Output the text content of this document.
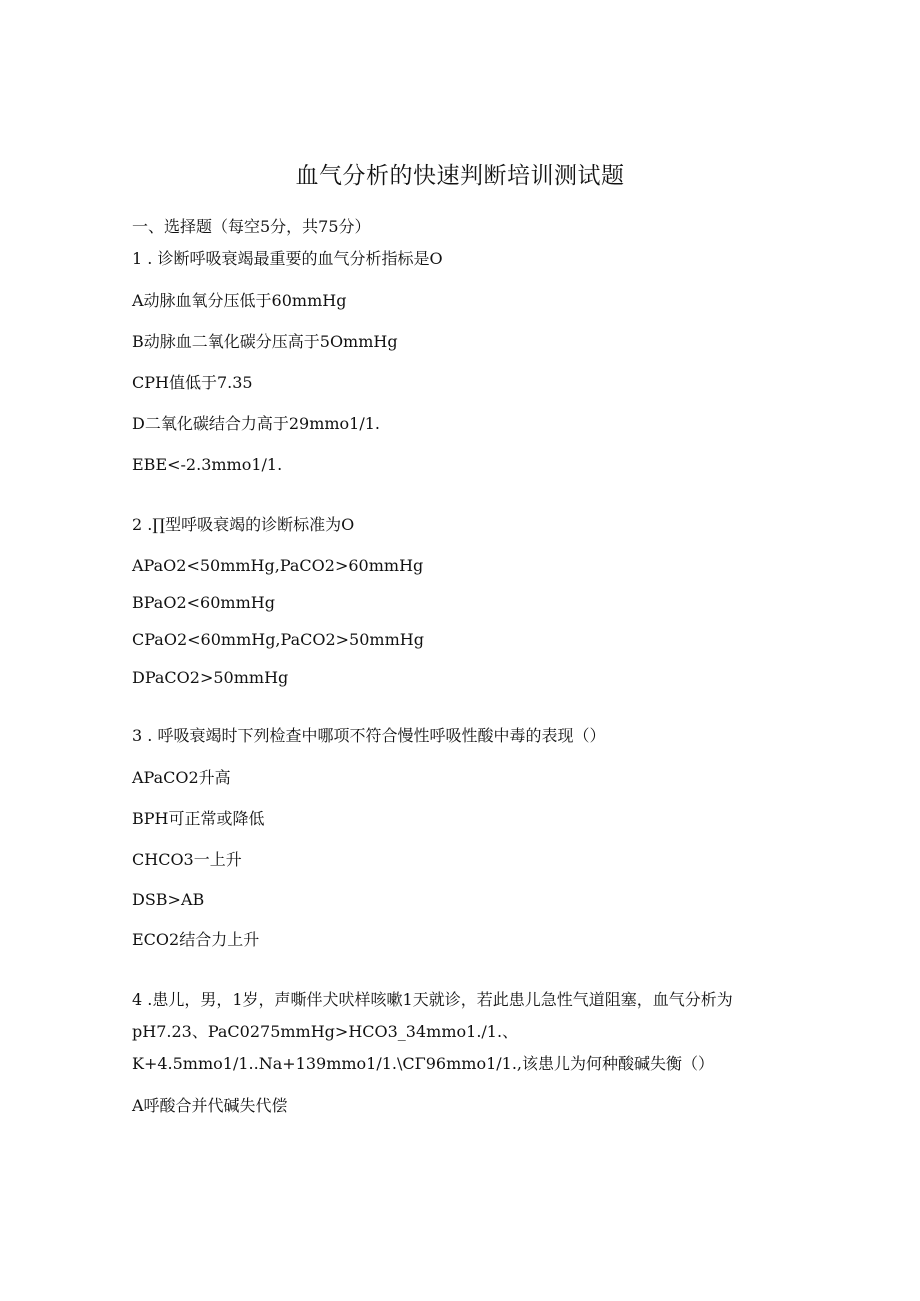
血气分析的快速判断培训测试题
一、选择题（每空5分，共75分）
1 . 诊断呼吸衰竭最重要的血气分析指标是O
A动脉血氧分压低于60mmHg
B动脉血二氧化碳分压高于5OmmHg
CPH值低于7.35
D二氧化碳结合力高于29mmo1∕1.
EBE<-2.3mmo1∕1.
2 .∏型呼吸衰竭的诊断标准为O
APaO2<50mmHg,PaCO2>60mmHg
BPaO2<60mmHg
CPaO2<60mmHg,PaCO2>50mmHg
DPaCO2>50mmHg
3 . 呼吸衰竭时下列检查中哪项不符合慢性呼吸性酸中毒的表现（）
APaCO2升高
BPH可正常或降低
CHCO3一上升
DSB>AB
ECO2结合力上升
4 .患儿，男，1岁，声嘶伴犬吠样咳嗽1天就诊，若此患儿急性气道阻塞，血气分析为
pH7.23、PaC0275mmHg>HCO3_34mmo1./1.、
K+4.5mmo1∕1..Na+139mmo1∕1.\CΓ96mmo1∕1.,该患儿为何种酸碱失衡（）
A呼酸合并代碱失代偿
